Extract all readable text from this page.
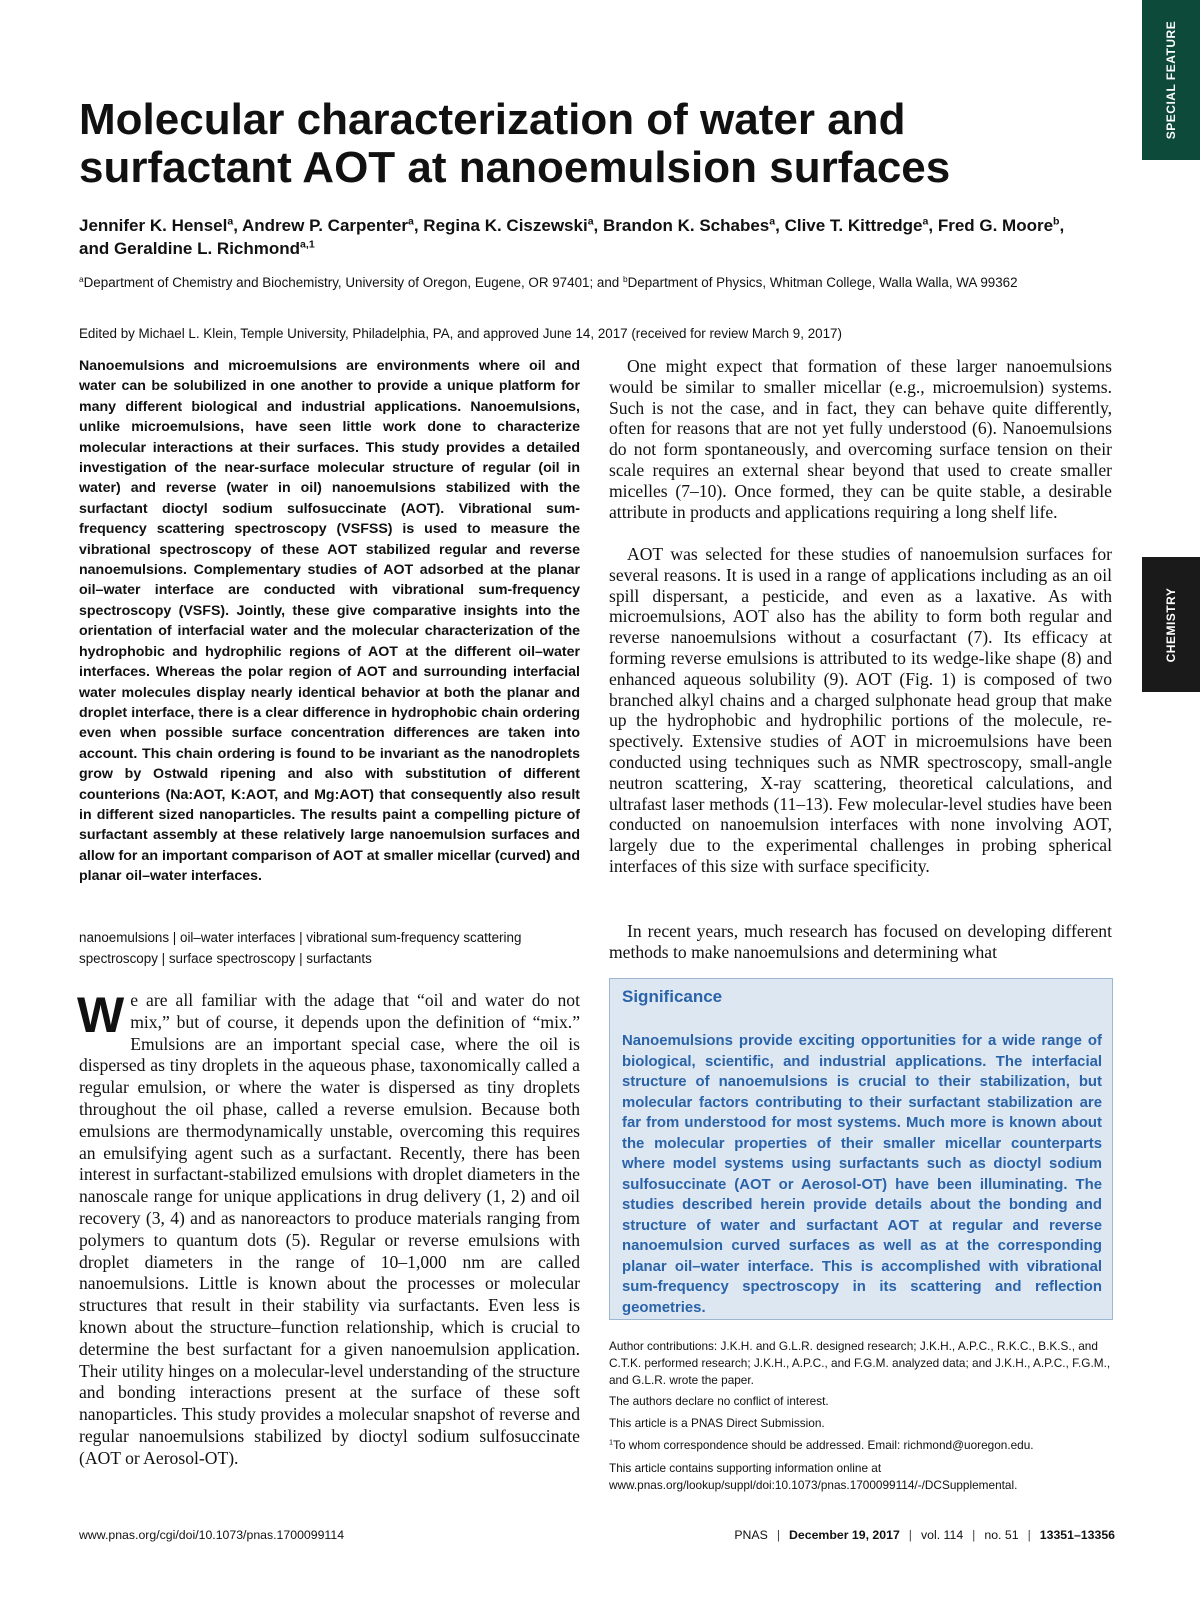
SPECIAL FEATURE
CHEMISTRY
Molecular characterization of water and surfactant AOT at nanoemulsion surfaces
Jennifer K. Hensel$^a$, Andrew P. Carpenter$^a$, Regina K. Ciszewski$^a$, Brandon K. Schabes$^a$, Clive T. Kittredge$^a$, Fred G. Moore$^b$, and Geraldine L. Richmond$^{a,1}$
$^a$Department of Chemistry and Biochemistry, University of Oregon, Eugene, OR 97401; and $^b$Department of Physics, Whitman College, Walla Walla, WA 99362
Edited by Michael L. Klein, Temple University, Philadelphia, PA, and approved June 14, 2017 (received for review March 9, 2017)

Nanoemulsions and microemulsions are environments where oil and water can be solubilized in one another to provide a unique platform for many different biological and industrial applications. Nanoemulsions, unlike microemulsions, have seen little work done to characterize molecular interactions at their surfaces. This study provides a detailed investigation of the near-surface molecular structure of regular (oil in water) and reverse (water in oil) nanoemulsions stabilized with the surfactant dioctyl sodium sulfosuccinate (AOT). Vibrational sum-frequency scattering spectroscopy (VSFSS) is used to measure the vibrational spectroscopy of these AOT stabilized regular and reverse nanoemulsions. Complementary studies of AOT adsorbed at the planar oil–water interface are conducted with vibrational sum-frequency spectroscopy (VSFS). Jointly, these give comparative insights into the orientation of interfacial water and the molecular characterization of the hydrophobic and hydrophilic regions of AOT at the different oil–water interfaces. Whereas the polar region of AOT and surrounding interfacial water molecules display nearly identical behavior at both the planar and droplet interface, there is a clear difference in hydrophobic chain ordering even when possible surface concentration differences are taken into account. This chain ordering is found to be invariant as the nanodroplets grow by Ostwald ripening and also with substitution of different counterions (Na:AOT, K:AOT, and Mg:AOT) that consequently also result in different sized nanoparticles. The results paint a compelling picture of surfactant assembly at these relatively large nanoemulsion surfaces and allow for an important comparison of AOT at smaller micellar (curved) and planar oil–water interfaces.

nanoemulsions | oil–water interfaces | vibrational sum-frequency scattering spectroscopy | surface spectroscopy | surfactants

We are all familiar with the adage that “oil and water do not mix,” but of course, it depends upon the definition of “mix.” Emulsions are an important special case, where the oil is dispersed as tiny droplets in the aqueous phase, taxonomically called a regular emulsion, or where the water is dispersed as tiny droplets throughout the oil phase, called a reverse emulsion. Because both emulsions are thermodynamically unstable, overcoming this requires an emulsifying agent such as a surfactant. Recently, there has been interest in surfactant-stabilized emulsions with droplet diameters in the nanoscale range for unique applications in drug delivery (1, 2) and oil recovery (3, 4) and as nanoreactors to produce materials ranging from polymers to quantum dots (5). Regular or reverse emulsions with droplet diameters in the range of 10–1,000 nm are called nanoemulsions. Little is known about the processes or molecular structures that result in their stability via surfactants. Even less is known about the structure–function relationship, which is crucial to determine the best surfactant for a given nanoemulsion application. Their utility hinges on a molecular-level understanding of the structure and bonding interactions present at the surface of these soft nanoparticles. This study provides a molecular snapshot of reverse and regular nanoemulsions stabilized by dioctyl sodium sulfosuccinate (AOT or Aerosol-OT).

One might expect that formation of these larger nanoemulsions would be similar to smaller micellar (e.g., microemulsion) systems. Such is not the case, and in fact, they can behave quite differently, often for reasons that are not yet fully understood (6). Nanoemulsions do not form spontaneously, and overcoming surface tension on their scale requires an external shear beyond that used to create smaller micelles (7–10). Once formed, they can be quite stable, a desirable attribute in products and applications requiring a long shelf life.

AOT was selected for these studies of nanoemulsion surfaces for several reasons. It is used in a range of applications including as an oil spill dispersant, a pesticide, and even as a laxative. As with microemulsions, AOT also has the ability to form both regular and reverse nanoemulsions without a cosurfactant (7). Its efficacy at forming reverse emulsions is attributed to its wedge-like shape (8) and enhanced aqueous solubility (9). AOT (Fig. 1) is composed of two branched alkyl chains and a charged sulphonate head group that make up the hydrophobic and hydrophilic portions of the molecule, respectively. Extensive studies of AOT in microemulsions have been conducted using techniques such as NMR spectroscopy, small-angle neutron scattering, X-ray scattering, theoretical calculations, and ultrafast laser methods (11–13). Few molecular-level studies have been conducted on nanoemulsion interfaces with none involving AOT, largely due to the experimental challenges in probing spherical interfaces of this size with surface specificity.

In recent years, much research has focused on developing different methods to make nanoemulsions and determining what

Significance

Nanoemulsions provide exciting opportunities for a wide range of biological, scientific, and industrial applications. The interfacial structure of nanoemulsions is crucial to their stabilization, but molecular factors contributing to their surfactant stabilization are far from understood for most systems. Much more is known about the molecular properties of their smaller micellar counterparts where model systems using surfactants such as dioctyl sodium sulfosuccinate (AOT or Aerosol-OT) have been illuminating. The studies described herein provide details about the bonding and structure of water and surfactant AOT at regular and reverse nanoemulsion curved surfaces as well as at the corresponding planar oil–water interface. This is accomplished with vibrational sum-frequency spectroscopy in its scattering and reflection geometries.

Author contributions: J.K.H. and G.L.R. designed research; J.K.H., A.P.C., R.K.C., B.K.S., and C.T.K. performed research; J.K.H., A.P.C., and F.G.M. analyzed data; and J.K.H., A.P.C., F.G.M., and G.L.R. wrote the paper.

The authors declare no conflict of interest.

This article is a PNAS Direct Submission.

$^1$To whom correspondence should be addressed. Email: richmond@uoregon.edu.

This article contains supporting information online at www.pnas.org/lookup/suppl/doi:10.1073/pnas.1700099114/-/DCSupplemental.

www.pnas.org/cgi/doi/10.1073/pnas.1700099114	PNAS | December 19, 2017 | vol. 114 | no. 51 | 13351–13356
